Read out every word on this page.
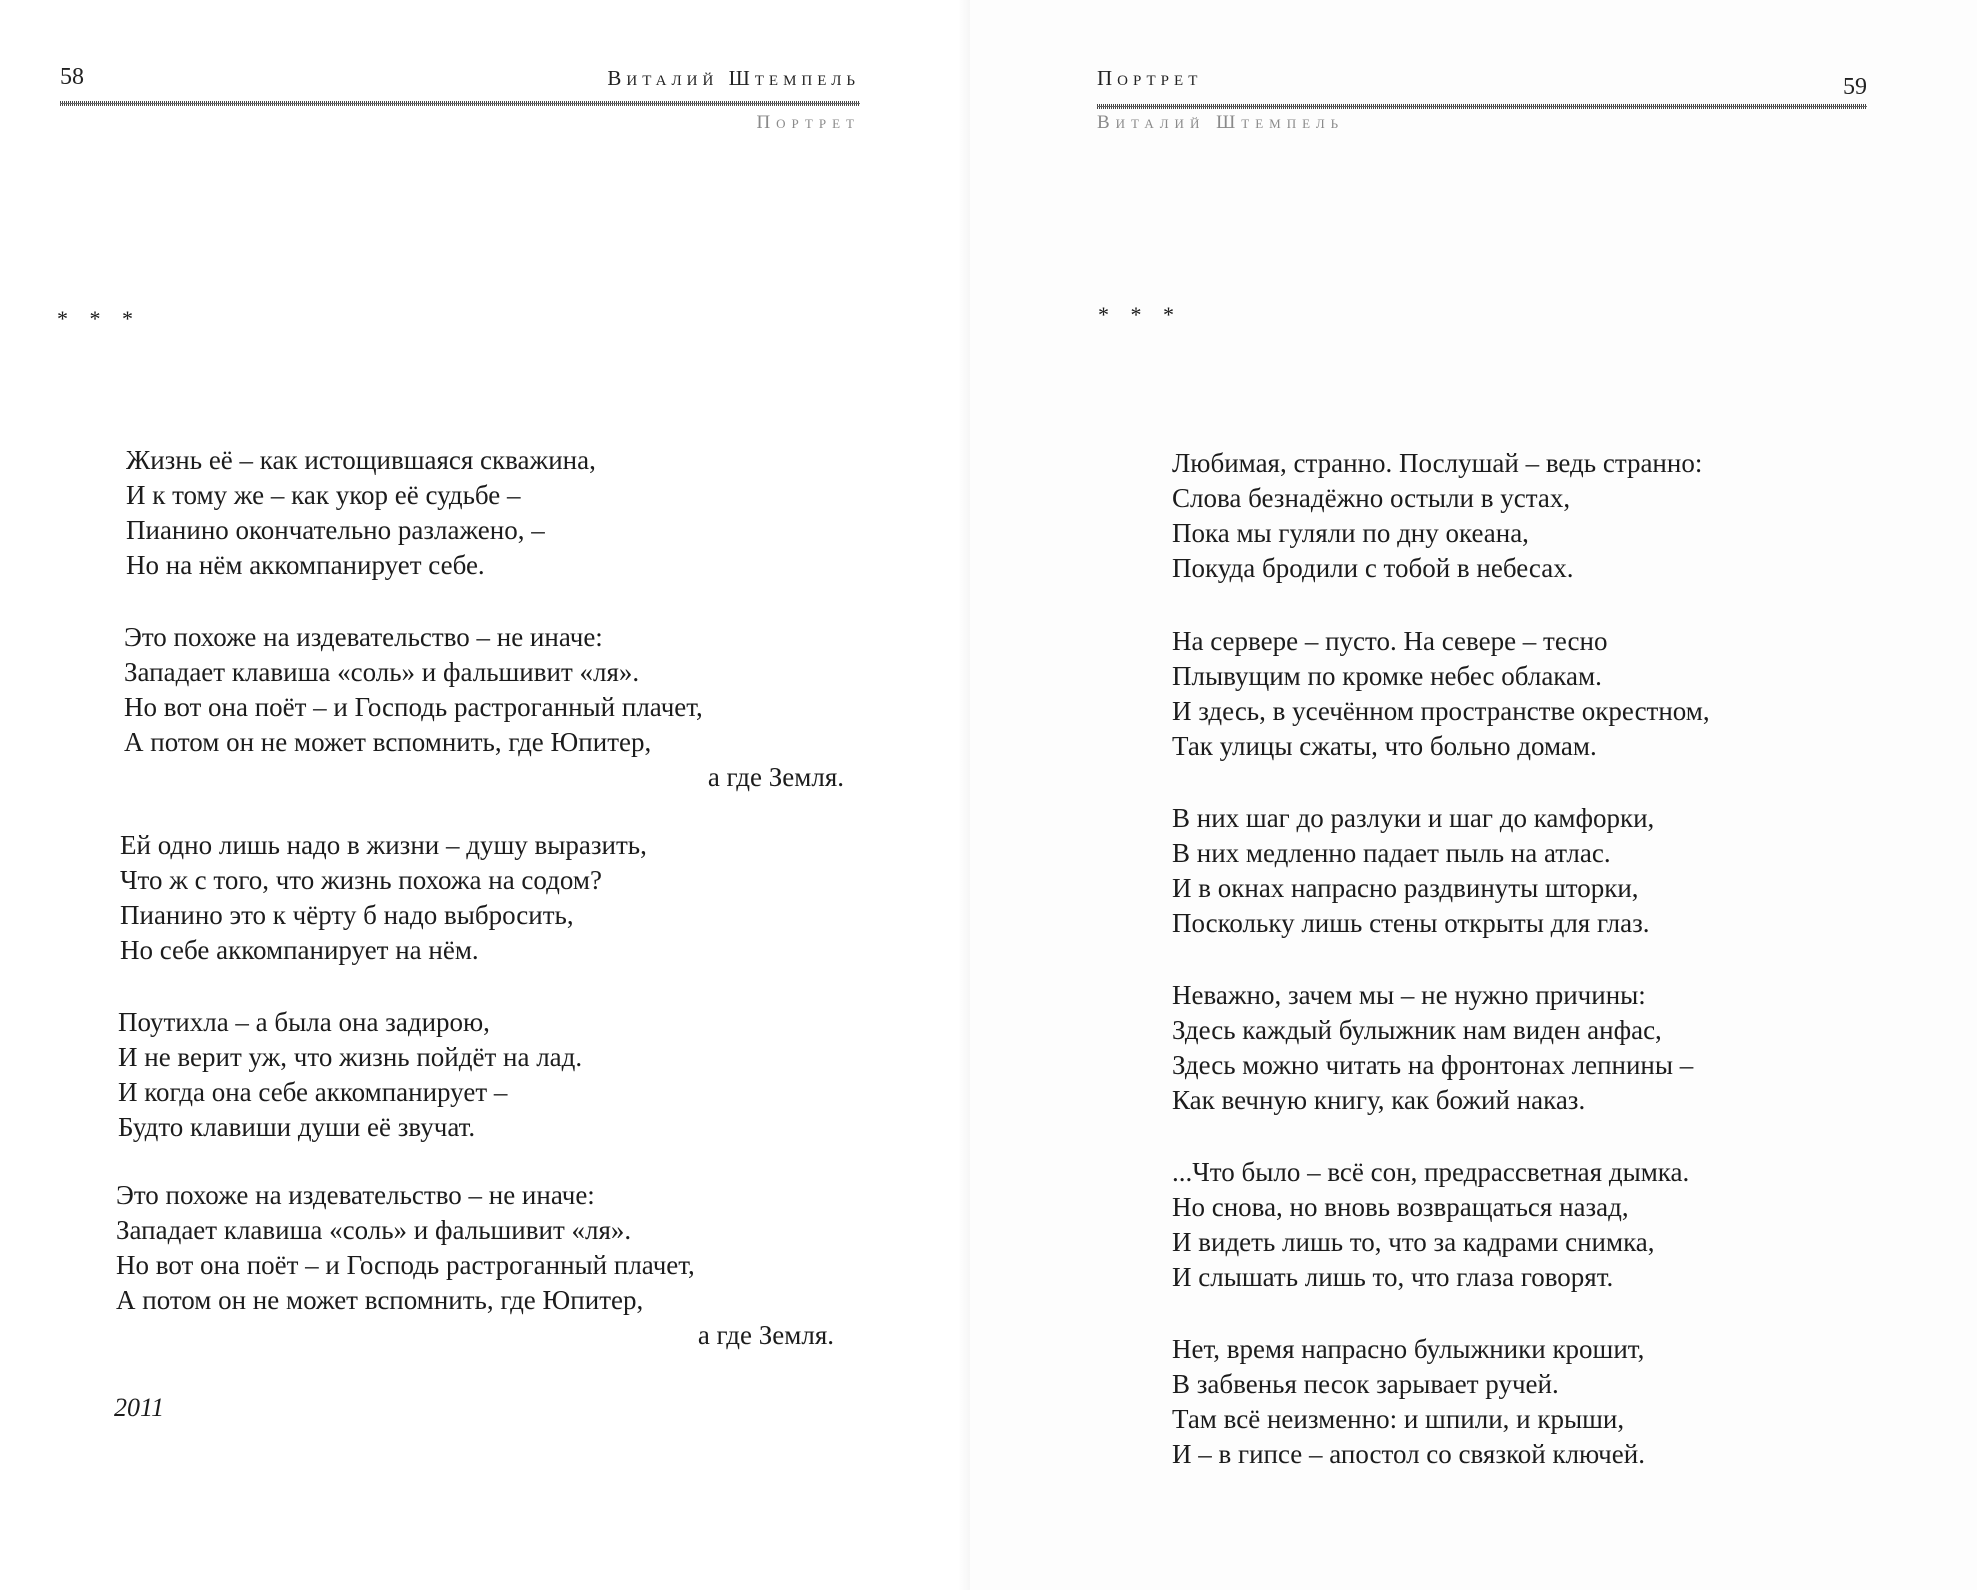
58	Виталий Штемпель
Портрет
* * *
Жизнь её – как истощившаяся скважина,
И к тому же – как укор её судьбе –
Пианино окончательно разлажено, –
Но на нём аккомпанирует себе.
Это похоже на издевательство – не иначе:
Западает клавиша «соль» и фальшивит «ля».
Но вот она поёт – и Господь растроганный плачет,
А потом он не может вспомнить, где Юпитер,
а где Земля.
Ей одно лишь надо в жизни – душу выразить,
Что ж с того, что жизнь похожа на содом?
Пианино это к чёрту б надо выбросить,
Но себе аккомпанирует на нём.
Поутихла – а была она задирою,
И не верит уж, что жизнь пойдёт на лад.
И когда она себе аккомпанирует –
Будто клавиши души её звучат.
Это похоже на издевательство – не иначе:
Западает клавиша «соль» и фальшивит «ля».
Но вот она поёт – и Господь растроганный плачет,
А потом он не может вспомнить, где Юпитер,
а где Земля.
2011
Портрет	59
Виталий Штемпель
* * *
Любимая, странно. Послушай – ведь странно:
Слова безнадёжно остыли в устах,
Пока мы гуляли по дну океана,
Покуда бродили с тобой в небесах.
На сервере – пусто. На севере – тесно
Плывущим по кромке небес облакам.
И здесь, в усечённом пространстве окрестном,
Так улицы сжаты, что больно домам.
В них шаг до разлуки и шаг до камфорки,
В них медленно падает пыль на атлас.
И в окнах напрасно раздвинуты шторки,
Поскольку лишь стены открыты для глаз.
Неважно, зачем мы – не нужно причины:
Здесь каждый булыжник нам виден анфас,
Здесь можно читать на фронтонах лепнины –
Как вечную книгу, как божий наказ.
...Что было – всё сон, предрассветная дымка.
Но снова, но вновь возвращаться назад,
И видеть лишь то, что за кадрами снимка,
И слышать лишь то, что глаза говорят.
Нет, время напрасно булыжники крошит,
В забвенья песок зарывает ручей.
Там всё неизменно: и шпили, и крыши,
И – в гипсе – апостол со связкой ключей.
